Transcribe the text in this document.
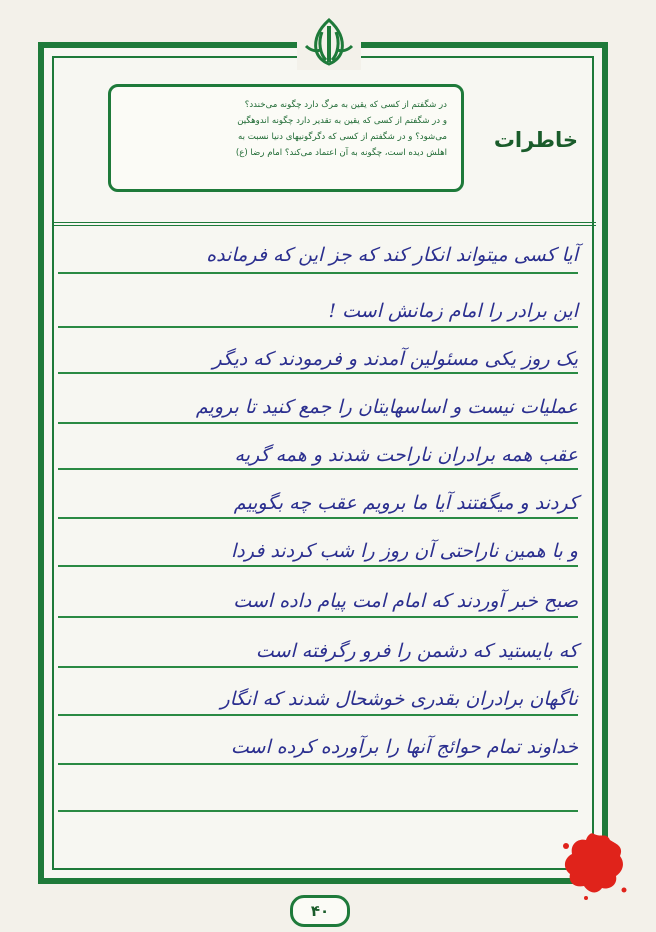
در شگفتم از کسی که یقین به مرگ دارد چگونه می‌خندد؟

و در شگفتم از کسی که یقین به تقدیر دارد چگونه اندوهگین

می‌شود؟ و در شگفتم از کسی که دگرگونیهای دنیا نسبت به

اهلش دیده است، چگونه به آن اعتماد می‌کند؟ امام رضا (ع)

خاطرات
آیا کسی میتواند انکار کند که جز این که فرمانده
این برادر را امام زمانش است !
یک روز یکی مسئولین آمدند و فرمودند که دیگر
عملیات نیست و اساسهایتان را جمع کنید تا برویم
عقب همه برادران ناراحت شدند و همه گریه
کردند و میگفتند آیا ما برویم عقب چه بگوییم
و با همین ناراحتی آن روز را شب کردند فردا
صبح خبر آوردند که امام امت پیام داده است
که بایستید که دشمن را فرو رگرفته است
ناگهان برادران بقدری خوشحال شدند که انگار
خداوند تمام حوائج آنها را برآورده کرده است
۴۰
